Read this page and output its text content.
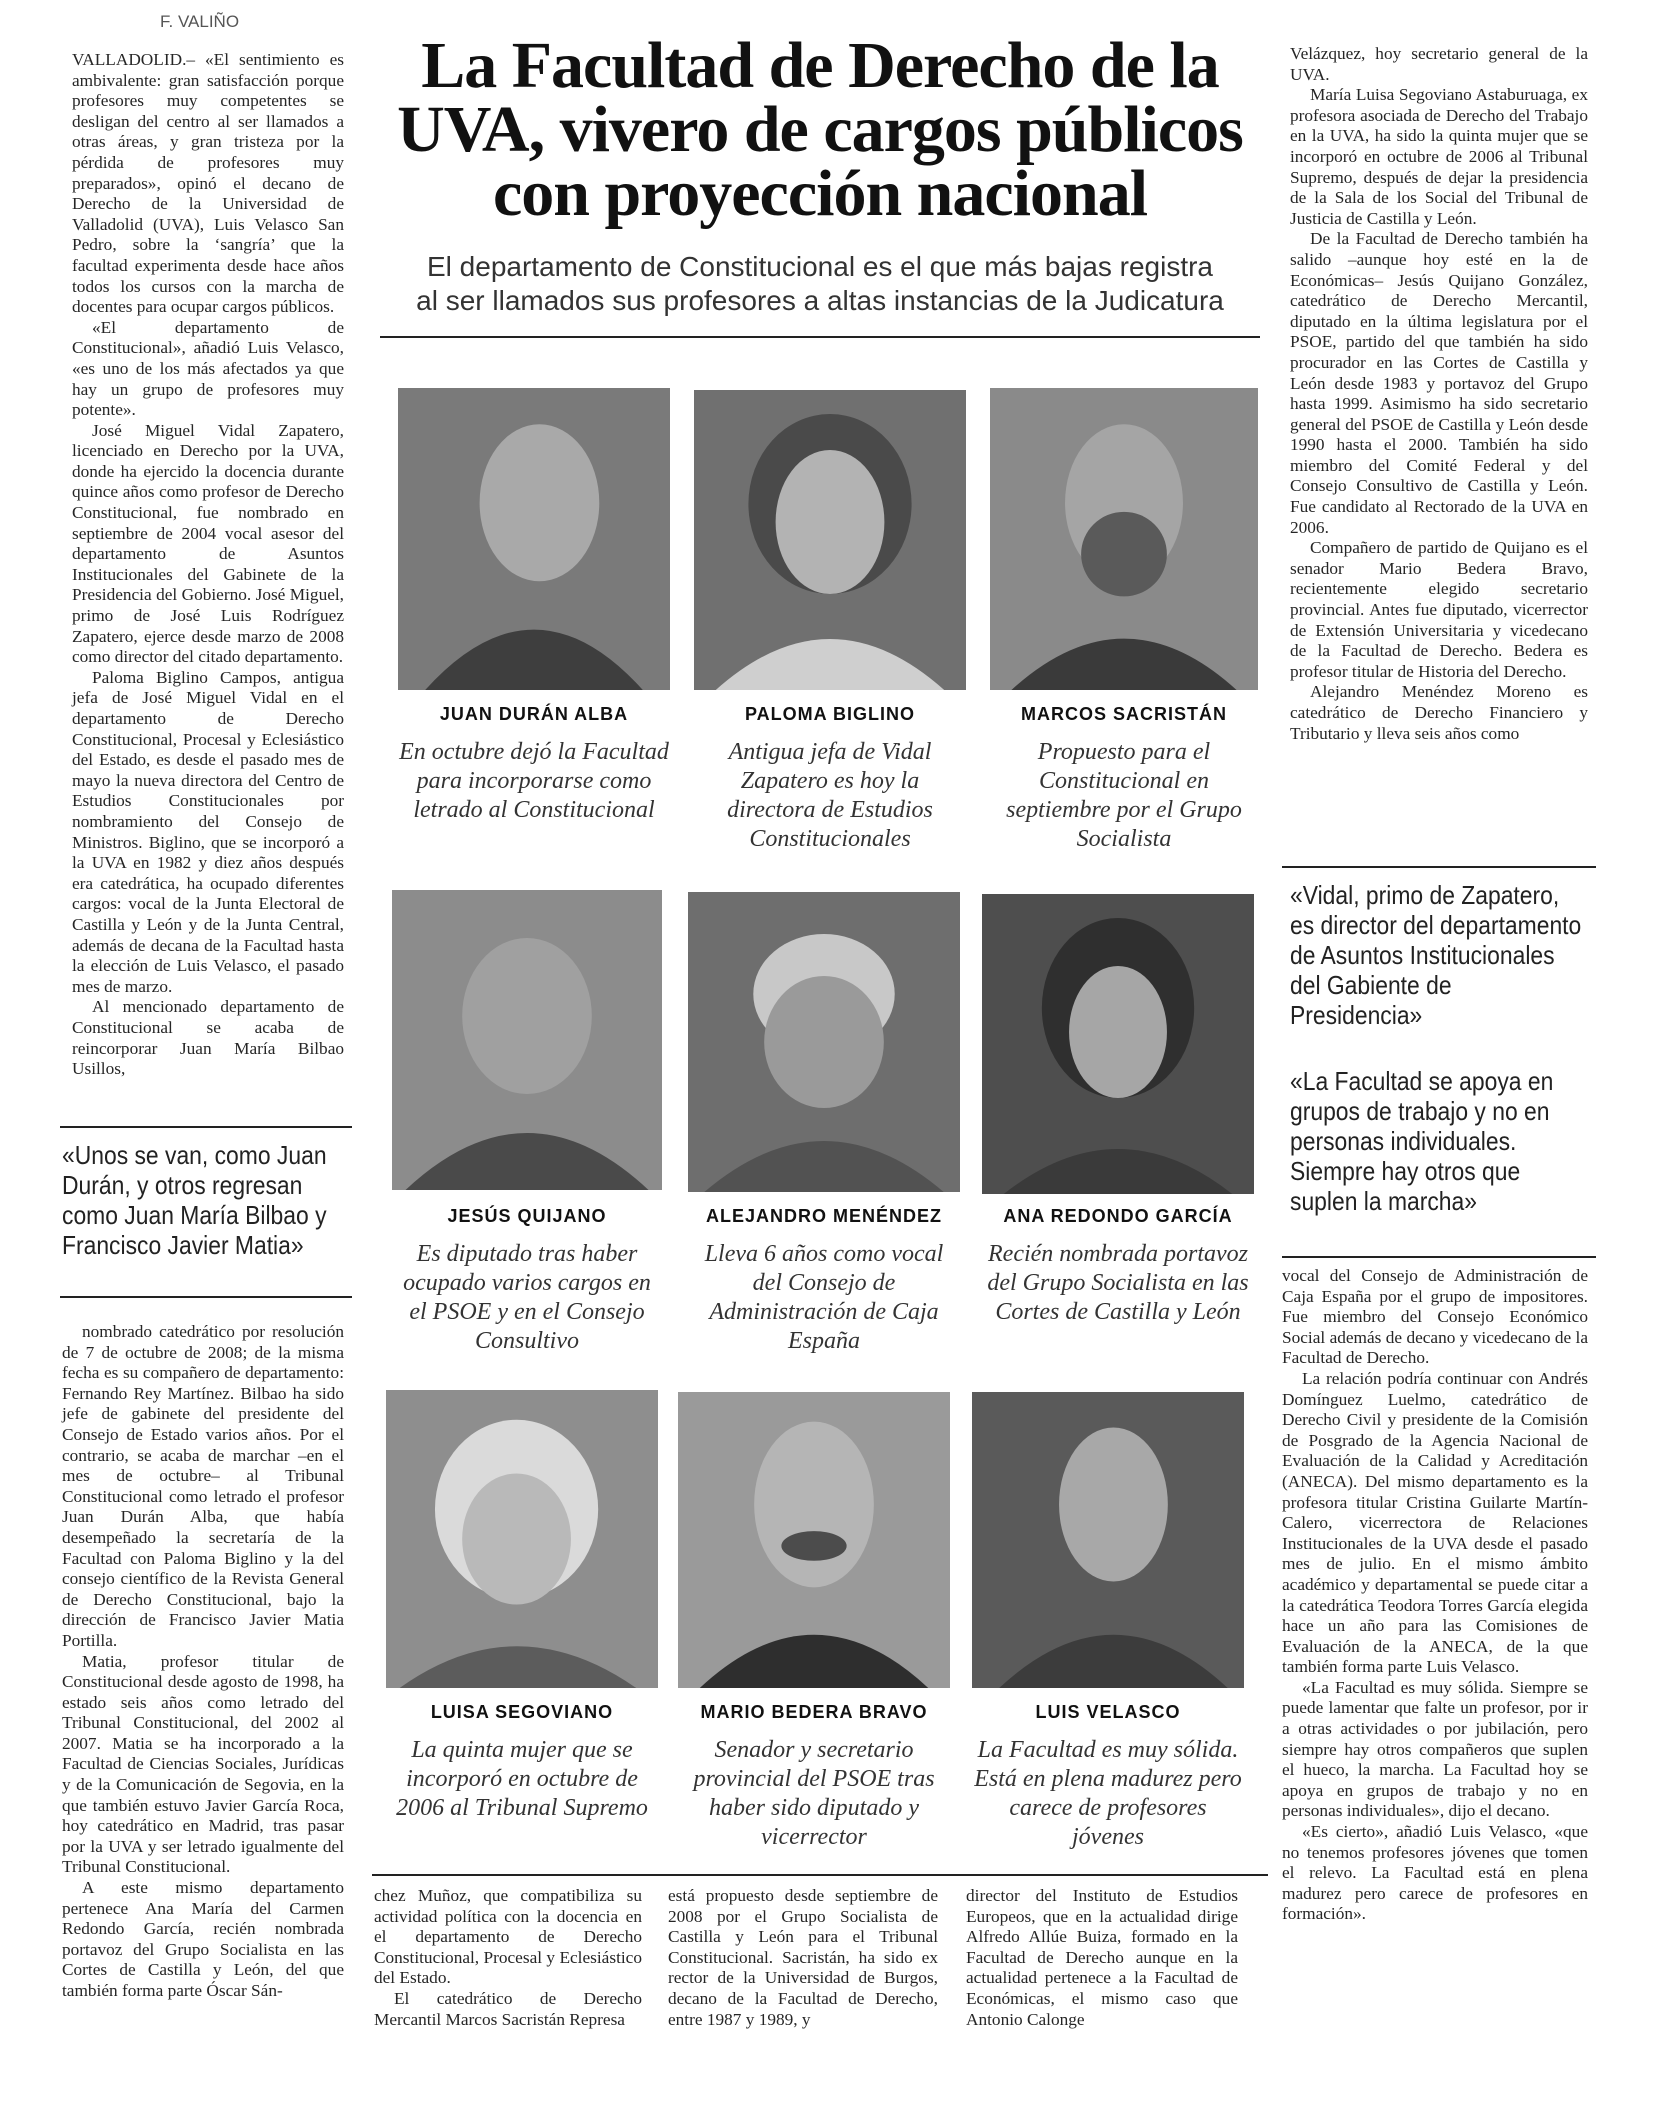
F. VALIÑO

VALLADOLID.– «El sentimiento es ambivalente: gran satisfacción porque profesores muy competentes se desligan del centro al ser llamados a otras áreas, y gran tristeza por la pérdida de profesores muy preparados», opinó el decano de Derecho de la Universidad de Valladolid (UVA), Luis Velasco San Pedro, sobre la ‘sangría’ que la facultad experimenta desde hace años todos los cursos con la marcha de docentes para ocupar cargos públicos.

«El departamento de Constitucional», añadió Luis Velasco, «es uno de los más afectados ya que hay un grupo de profesores muy potente».

José Miguel Vidal Zapatero, licenciado en Derecho por la UVA, donde ha ejercido la docencia durante quince años como profesor de Derecho Constitucional, fue nombrado en septiembre de 2004 vocal asesor del departamento de Asuntos Institucionales del Gabinete de la Presidencia del Gobierno. José Miguel, primo de José Luis Rodríguez Zapatero, ejerce desde marzo de 2008 como director del citado departamento.

Paloma Biglino Campos, antigua jefa de José Miguel Vidal en el departamento de Derecho Constitucional, Procesal y Eclesiástico del Estado, es desde el pasado mes de mayo la nueva directora del Centro de Estudios Constitucionales por nombramiento del Consejo de Ministros. Biglino, que se incorporó a la UVA en 1982 y diez años después era catedrática, ha ocupado diferentes cargos: vocal de la Junta Electoral de Castilla y León y de la Junta Central, además de decana de la Facultad hasta la elección de Luis Velasco, el pasado mes de marzo.

Al mencionado departamento de Constitucional se acaba de reincorporar Juan María Bilbao Usillos,

«Unos se van, como Juan Durán, y otros regresan como Juan María Bilbao y Francisco Javier Matia»

nombrado catedrático por resolución de 7 de octubre de 2008; de la misma fecha es su compañero de departamento: Fernando Rey Martínez. Bilbao ha sido jefe de gabinete del presidente del Consejo de Estado varios años. Por el contrario, se acaba de marchar –en el mes de octubre– al Tribunal Constitucional como letrado el profesor Juan Durán Alba, que había desempeñado la secretaría de la Facultad con Paloma Biglino y la del consejo científico de la Revista General de Derecho Constitucional, bajo la dirección de Francisco Javier Matia Portilla.

Matia, profesor titular de Constitucional desde agosto de 1998, ha estado seis años como letrado del Tribunal Constitucional, del 2002 al 2007. Matia se ha incorporado a la Facultad de Ciencias Sociales, Jurídicas y de la Comunicación de Segovia, en la que también estuvo Javier García Roca, hoy catedrático en Madrid, tras pasar por la UVA y ser letrado igualmente del Tribunal Constitucional.

A este mismo departamento pertenece Ana María del Carmen Redondo García, recién nombrada portavoz del Grupo Socialista en las Cortes de Castilla y León, del que también forma parte Óscar Sán-

La Facultad de Derecho de la
UVA, vivero de cargos públicos
con proyección nacional
El departamento de Constitucional es el que más bajas registra
al ser llamados sus profesores a altas instancias de la Judicatura
JUAN DURÁN ALBA
En octubre dejó la Facultad para incorporarse como letrado al Constitucional
PALOMA BIGLINO
Antigua jefa de Vidal Zapatero es hoy la directora de Estudios Constitucionales
MARCOS SACRISTÁN
Propuesto para el Constitucional en septiembre por el Grupo Socialista
JESÚS QUIJANO
Es diputado tras haber ocupado varios cargos en el PSOE y en el Consejo Consultivo
ALEJANDRO MENÉNDEZ
Lleva 6 años como vocal del Consejo de Administración de Caja España
ANA REDONDO GARCÍA
Recién nombrada portavoz del Grupo Socialista en las Cortes de Castilla y León
LUISA SEGOVIANO
La quinta mujer que se incorporó en octubre de 2006 al Tribunal Supremo
MARIO BEDERA BRAVO
Senador y secretario provincial del PSOE tras haber sido diputado y vicerrector
LUIS VELASCO
La Facultad es muy sólida. Está en plena madurez pero carece de profesores jóvenes

chez Muñoz, que compatibiliza su actividad política con la docencia en el departamento de Derecho Constitucional, Procesal y Eclesiástico del Estado.

El catedrático de Derecho Mercantil Marcos Sacristán Represa

está propuesto desde septiembre de 2008 por el Grupo Socialista de Castilla y León para el Tribunal Constitucional. Sacristán, ha sido ex rector de la Universidad de Burgos, decano de la Facultad de Derecho, entre 1987 y 1989, y

director del Instituto de Estudios Europeos, que en la actualidad dirige Alfredo Allúe Buiza, formado en la Facultad de Derecho aunque en la actualidad pertenece a la Facultad de Económicas, el mismo caso que Antonio Calonge

Velázquez, hoy secretario general de la UVA.

María Luisa Segoviano Astaburuaga, ex profesora asociada de Derecho del Trabajo en la UVA, ha sido la quinta mujer que se incorporó en octubre de 2006 al Tribunal Supremo, después de dejar la presidencia de la Sala de los Social del Tribunal de Justicia de Castilla y León.

De la Facultad de Derecho también ha salido –aunque hoy esté en la de Económicas– Jesús Quijano González, catedrático de Derecho Mercantil, diputado en la última legislatura por el PSOE, partido del que también ha sido procurador en las Cortes de Castilla y León desde 1983 y portavoz del Grupo hasta 1999. Asimismo ha sido secretario general del PSOE de Castilla y León desde 1990 hasta el 2000. También ha sido miembro del Comité Federal y del Consejo Consultivo de Castilla y León. Fue candidato al Rectorado de la UVA en 2006.

Compañero de partido de Quijano es el senador Mario Bedera Bravo, recientemente elegido secretario provincial. Antes fue diputado, vicerrector de Extensión Universitaria y vicedecano de la Facultad de Derecho. Bedera es profesor titular de Historia del Derecho.

Alejandro Menéndez Moreno es catedrático de Derecho Financiero y Tributario y lleva seis años como

«Vidal, primo de Zapatero, es director del departamento de Asuntos Institucionales del Gabiente de Presidencia»
«La Facultad se apoya en grupos de trabajo y no en personas individuales. Siempre hay otros que suplen la marcha»

vocal del Consejo de Administración de Caja España por el grupo de impositores. Fue miembro del Consejo Económico Social además de decano y vicedecano de la Facultad de Derecho.

La relación podría continuar con Andrés Domínguez Luelmo, catedrático de Derecho Civil y presidente de la Comisión de Posgrado de la Agencia Nacional de Evaluación de la Calidad y Acreditación (ANECA). Del mismo departamento es la profesora titular Cristina Guilarte Martín-Calero, vicerrectora de Relaciones Institucionales de la UVA desde el pasado mes de julio. En el mismo ámbito académico y departamental se puede citar a la catedrática Teodora Torres García elegida hace un año para las Comisiones de Evaluación de la ANECA, de la que también forma parte Luis Velasco.

«La Facultad es muy sólida. Siempre se puede lamentar que falte un profesor, por ir a otras actividades o por jubilación, pero siempre hay otros compañeros que suplen el hueco, la marcha. La Facultad hoy se apoya en grupos de trabajo y no en personas individuales», dijo el decano.

«Es cierto», añadió Luis Velasco, «que no tenemos profesores jóvenes que tomen el relevo. La Facultad está en plena madurez pero carece de profesores en formación».
